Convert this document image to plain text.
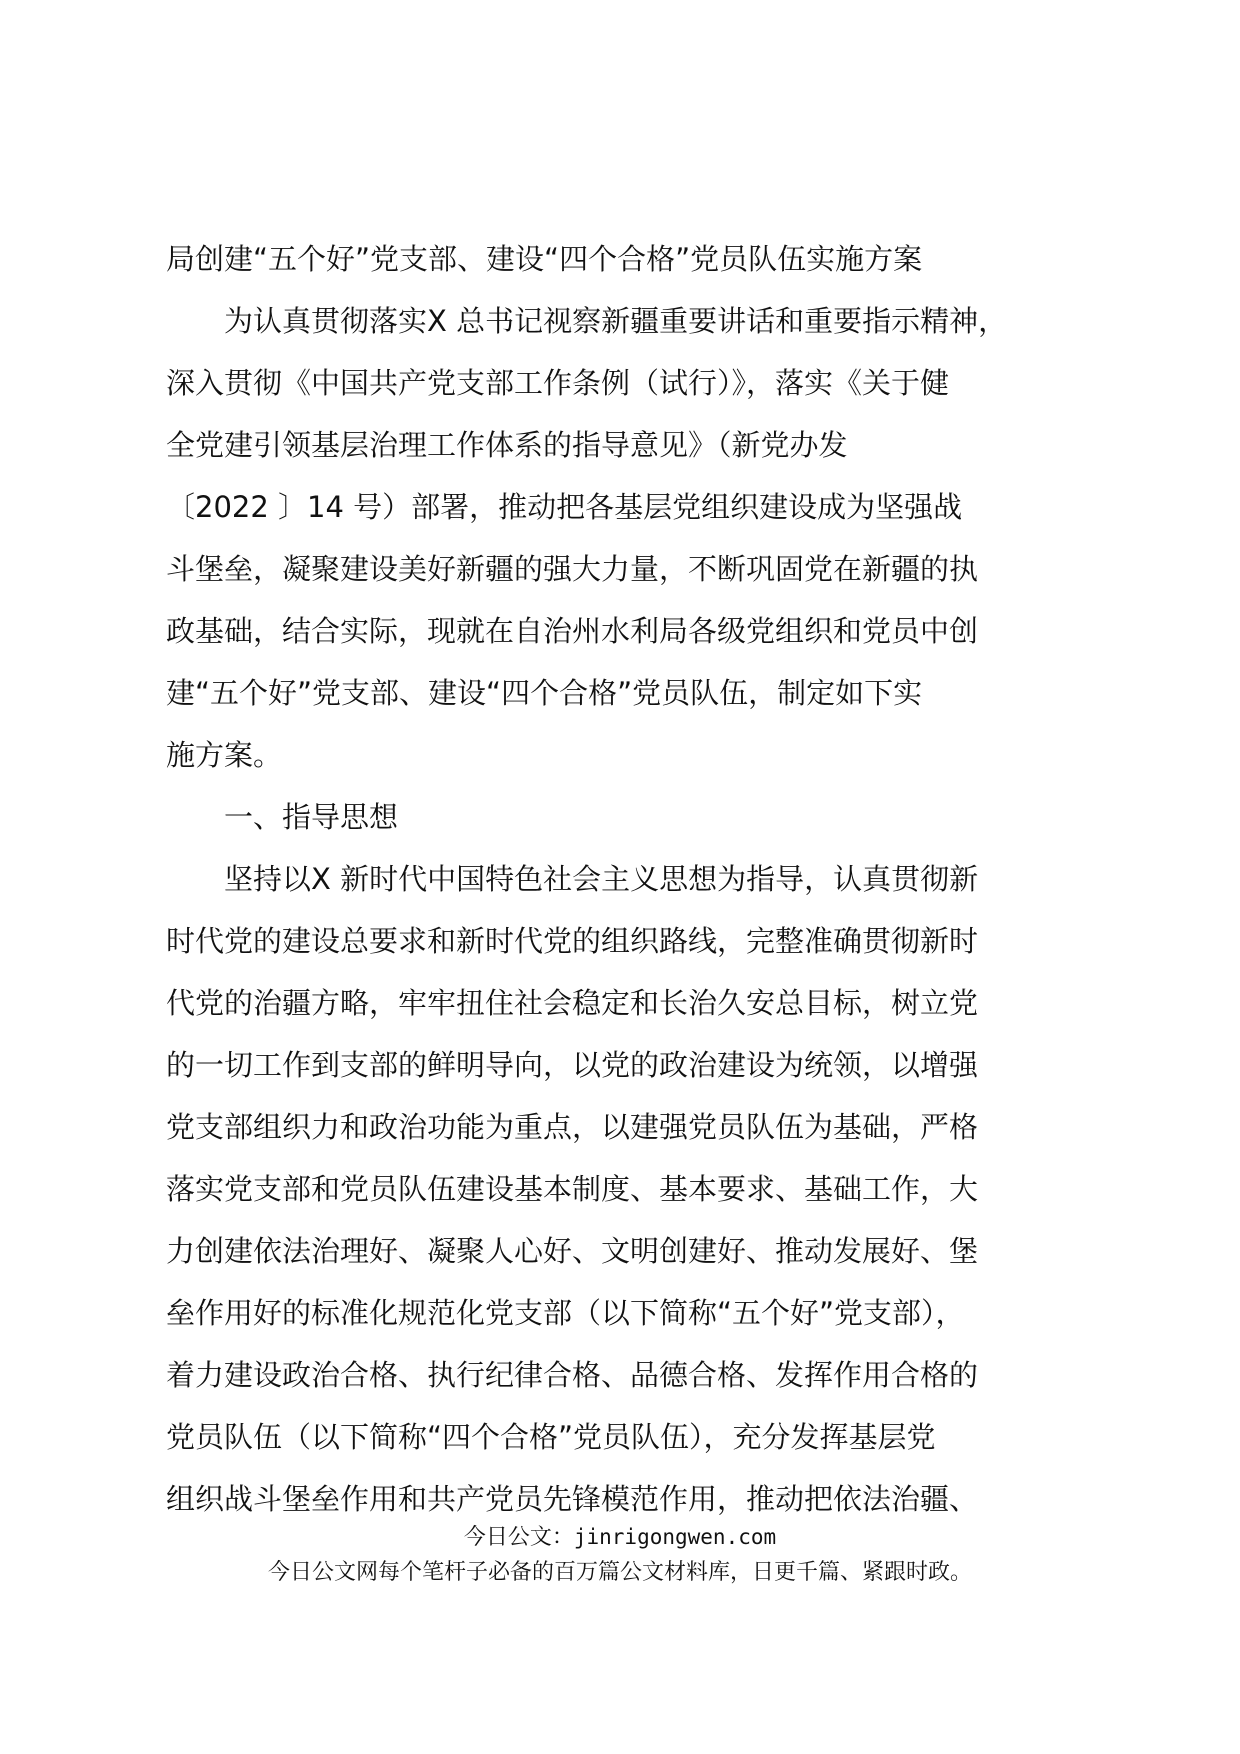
局创建“五个好”党支部、建设“四个合格”党员队伍实施方案
　　为认真贯彻落实X 总书记视察新疆重要讲话和重要指示精神，
深入贯彻《中国共产党支部工作条例（试行）》，落实《关于健
全党建引领基层治理工作体系的指导意见》（新党办发
〔2022 〕14 号）部署，推动把各基层党组织建设成为坚强战
斗堡垒，凝聚建设美好新疆的强大力量，不断巩固党在新疆的执
政基础，结合实际，现就在自治州水利局各级党组织和党员中创
建“五个好”党支部、建设“四个合格”党员队伍，制定如下实
施方案。
　　一、指导思想
　　坚持以X 新时代中国特色社会主义思想为指导，认真贯彻新
时代党的建设总要求和新时代党的组织路线，完整准确贯彻新时
代党的治疆方略，牢牢扭住社会稳定和长治久安总目标，树立党
的一切工作到支部的鲜明导向，以党的政治建设为统领，以增强
党支部组织力和政治功能为重点，以建强党员队伍为基础，严格
落实党支部和党员队伍建设基本制度、基本要求、基础工作，大
力创建依法治理好、凝聚人心好、文明创建好、推动发展好、堡
垒作用好的标准化规范化党支部（以下简称“五个好”党支部），
着力建设政治合格、执行纪律合格、品德合格、发挥作用合格的
党员队伍（以下简称“四个合格”党员队伍），充分发挥基层党
组织战斗堡垒作用和共产党员先锋模范作用，推动把依法治疆、
今日公文：jinrigongwen.com
今日公文网每个笔杆子必备的百万篇公文材料库，日更千篇、紧跟时政。
